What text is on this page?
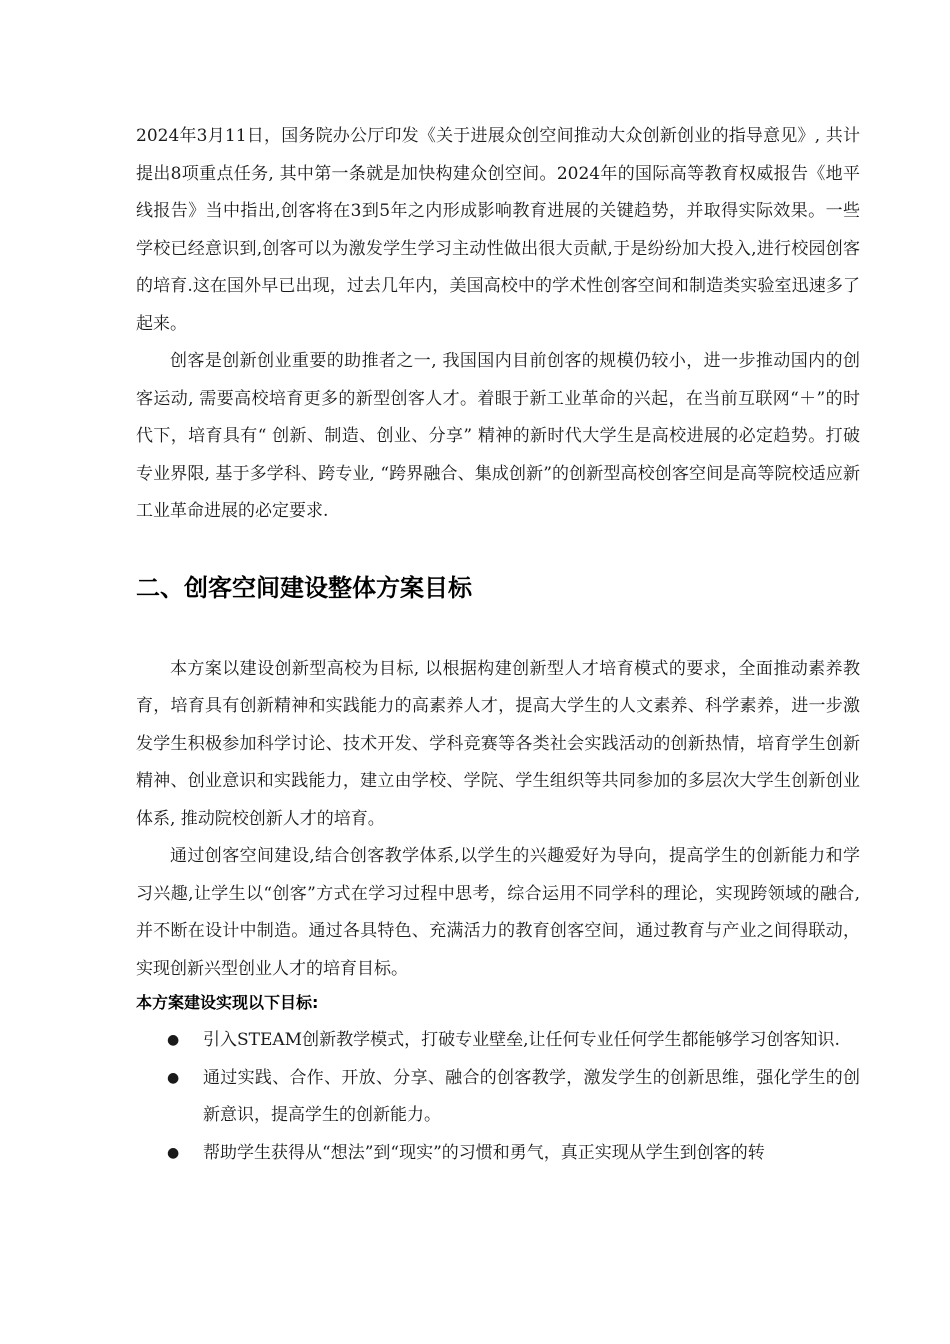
2024年3月11日，国务院办公厅印发《关于进展众创空间推动大众创新创业的指导意见》, 共计提出8项重点任务, 其中第一条就是加快构建众创空间。2024年的国际高等教育权威报告《地平线报告》当中指出,创客将在3到5年之内形成影响教育进展的关键趋势，并取得实际效果。一些学校已经意识到,创客可以为激发学生学习主动性做出很大贡献,于是纷纷加大投入,进行校园创客的培育.这在国外早已出现，过去几年内，美国高校中的学术性创客空间和制造类实验室迅速多了起来。

创客是创新创业重要的助推者之一, 我国国内目前创客的规模仍较小，进一步推动国内的创客运动, 需要高校培育更多的新型创客人才。着眼于新工业革命的兴起，在当前互联网“＋”的时代下，培育具有“ 创新、制造、创业、分享” 精神的新时代大学生是高校进展的必定趋势。打破专业界限, 基于多学科、跨专业, “跨界融合、集成创新”的创新型高校创客空间是高等院校适应新工业革命进展的必定要求.

二、创客空间建设整体方案目标

本方案以建设创新型高校为目标, 以根据构建创新型人才培育模式的要求，全面推动素养教育，培育具有创新精神和实践能力的高素养人才，提高大学生的人文素养、科学素养，进一步激发学生积极参加科学讨论、技术开发、学科竞赛等各类社会实践活动的创新热情，培育学生创新精神、创业意识和实践能力，建立由学校、学院、学生组织等共同参加的多层次大学生创新创业体系, 推动院校创新人才的培育。

通过创客空间建设,结合创客教学体系,以学生的兴趣爱好为导向，提高学生的创新能力和学习兴趣,让学生以“创客”方式在学习过程中思考，综合运用不同学科的理论，实现跨领域的融合,并不断在设计中制造。通过各具特色、充满活力的教育创客空间，通过教育与产业之间得联动，实现创新兴型创业人才的培育目标。

本方案建设实现以下目标:
● 引入STEAM创新教学模式，打破专业壁垒,让任何专业任何学生都能够学习创客知识.
● 通过实践、合作、开放、分享、融合的创客教学，激发学生的创新思维，强化学生的创新意识，提高学生的创新能力。
● 帮助学生获得从“想法”到“现实”的习惯和勇气，真正实现从学生到创客的转
